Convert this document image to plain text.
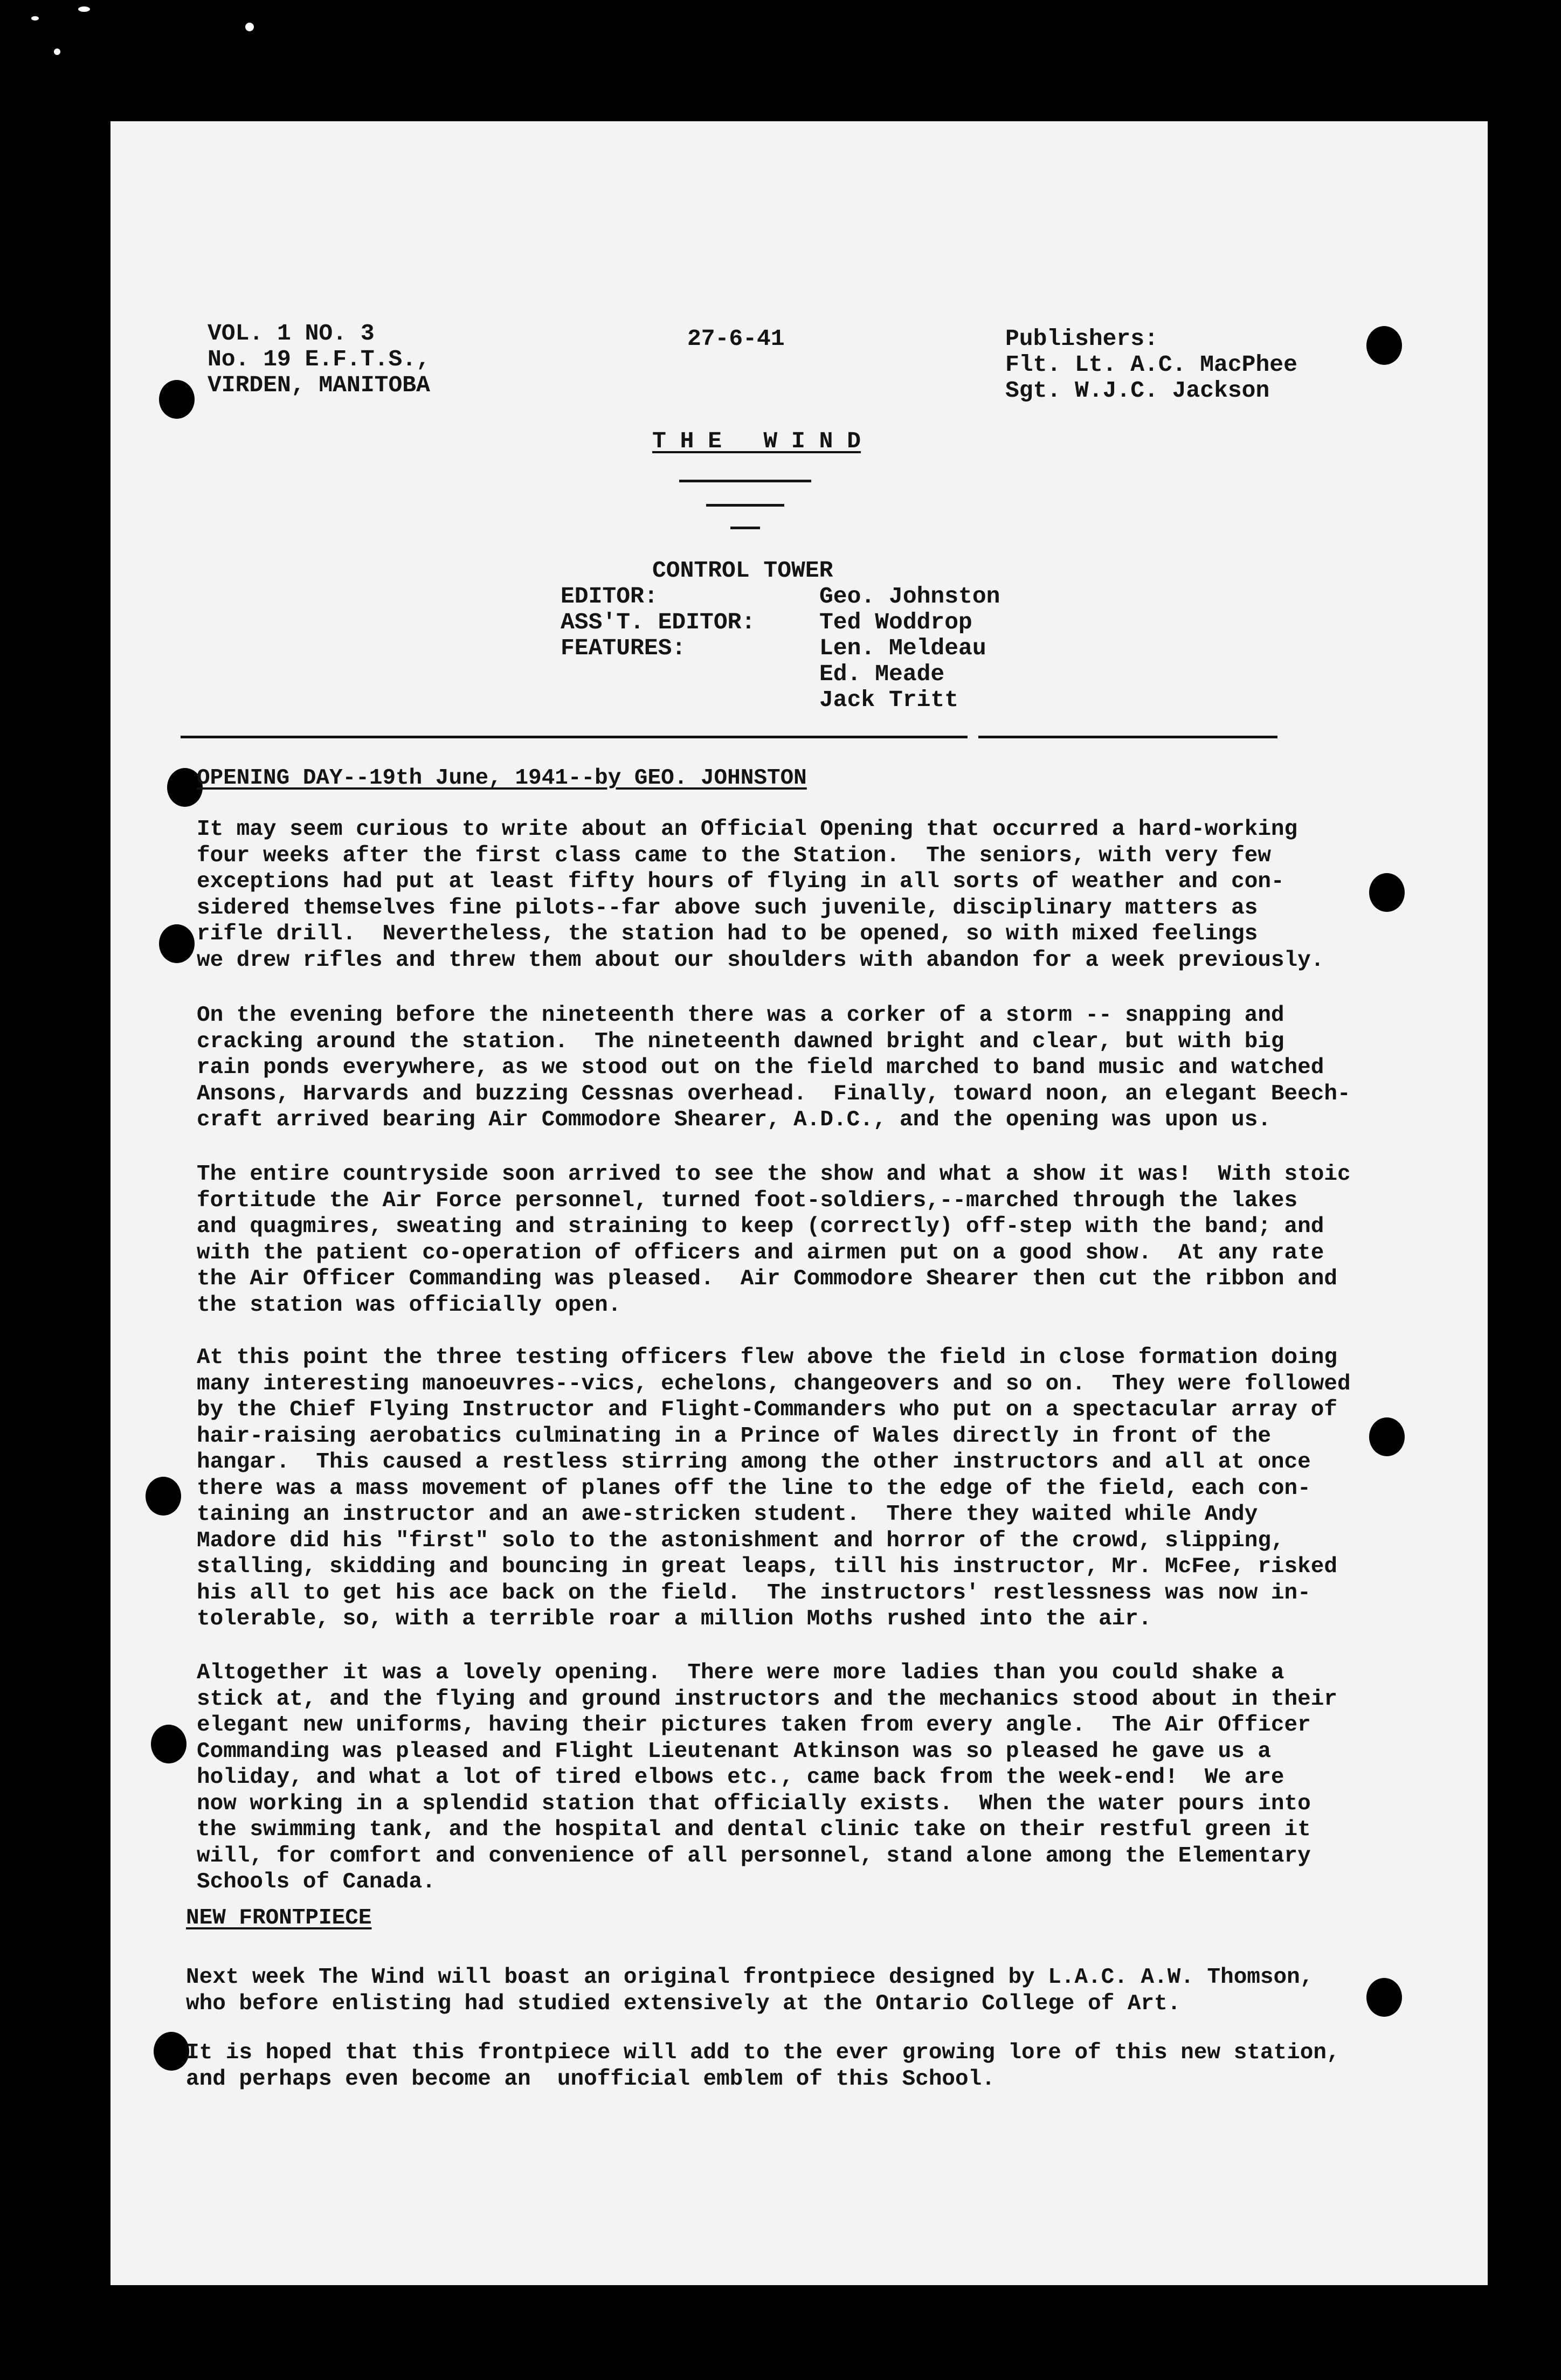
VOL. 1 NO. 3
No. 19 E.F.T.S.,
VIRDEN, MANITOBA
27-6-41	Publishers:
Flt. Lt. A.C. MacPhee
Sgt. W.J.C. Jackson
T H E   W I N D
CONTROL TOWER
EDITOR:	Geo. Johnston
ASS'T. EDITOR:	Ted Woddrop
FEATURES:	Len. Meldeau
Ed. Meade
Jack Tritt
OPENING DAY--19th June, 1941--by GEO. JOHNSTON
It may seem curious to write about an Official Opening that occurred a hard-working
four weeks after the first class came to the Station.  The seniors, with very few
exceptions had put at least fifty hours of flying in all sorts of weather and con-
sidered themselves fine pilots--far above such juvenile, disciplinary matters as
rifle drill.  Nevertheless, the station had to be opened, so with mixed feelings
we drew rifles and threw them about our shoulders with abandon for a week previously.
On the evening before the nineteenth there was a corker of a storm -- snapping and
cracking around the station.  The nineteenth dawned bright and clear, but with big
rain ponds everywhere, as we stood out on the field marched to band music and watched
Ansons, Harvards and buzzing Cessnas overhead.  Finally, toward noon, an elegant Beech-
craft arrived bearing Air Commodore Shearer, A.D.C., and the opening was upon us.
The entire countryside soon arrived to see the show and what a show it was!  With stoic
fortitude the Air Force personnel, turned foot-soldiers,--marched through the lakes
and quagmires, sweating and straining to keep (correctly) off-step with the band; and
with the patient co-operation of officers and airmen put on a good show.  At any rate
the Air Officer Commanding was pleased.  Air Commodore Shearer then cut the ribbon and
the station was officially open.
At this point the three testing officers flew above the field in close formation doing
many interesting manoeuvres--vics, echelons, changeovers and so on.  They were followed
by the Chief Flying Instructor and Flight-Commanders who put on a spectacular array of
hair-raising aerobatics culminating in a Prince of Wales directly in front of the
hangar.  This caused a restless stirring among the other instructors and all at once
there was a mass movement of planes off the line to the edge of the field, each con-
taining an instructor and an awe-stricken student.  There they waited while Andy
Madore did his "first" solo to the astonishment and horror of the crowd, slipping,
stalling, skidding and bouncing in great leaps, till his instructor, Mr. McFee, risked
his all to get his ace back on the field.  The instructors' restlessness was now in-
tolerable, so, with a terrible roar a million Moths rushed into the air.
Altogether it was a lovely opening.  There were more ladies than you could shake a
stick at, and the flying and ground instructors and the mechanics stood about in their
elegant new uniforms, having their pictures taken from every angle.  The Air Officer
Commanding was pleased and Flight Lieutenant Atkinson was so pleased he gave us a
holiday, and what a lot of tired elbows etc., came back from the week-end!  We are
now working in a splendid station that officially exists.  When the water pours into
the swimming tank, and the hospital and dental clinic take on their restful green it
will, for comfort and convenience of all personnel, stand alone among the Elementary
Schools of Canada.
NEW FRONTPIECE
Next week The Wind will boast an original frontpiece designed by L.A.C. A.W. Thomson,
who before enlisting had studied extensively at the Ontario College of Art.
It is hoped that this frontpiece will add to the ever growing lore of this new station,
and perhaps even become an  unofficial emblem of this School.
